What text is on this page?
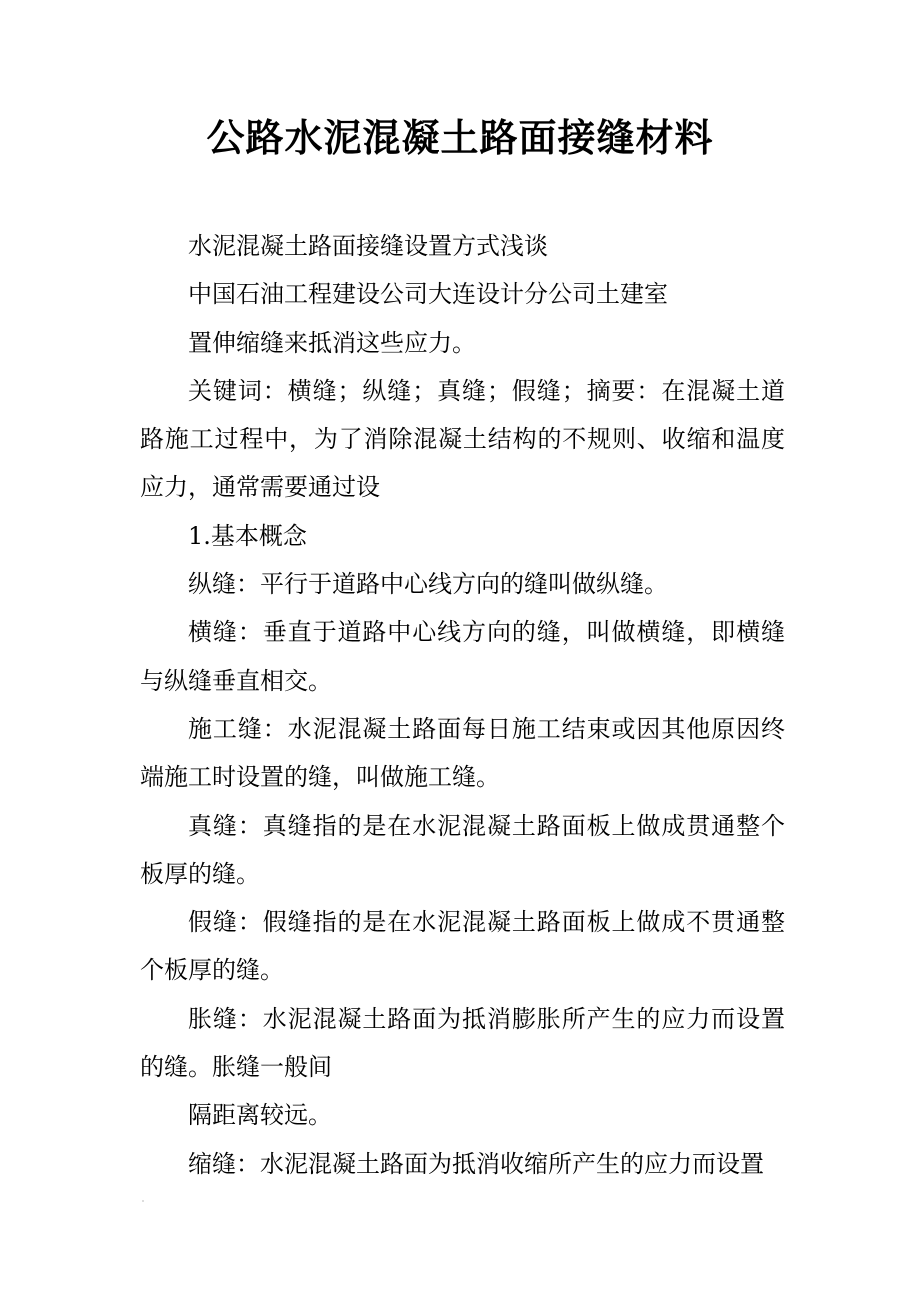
公路水泥混凝土路面接缝材料

水泥混凝土路面接缝设置方式浅谈

中国石油工程建设公司大连设计分公司土建室

置伸缩缝来抵消这些应力。

关键词：横缝；纵缝；真缝；假缝；摘要：在混凝土道路施工过程中，为了消除混凝土结构的不规则、收缩和温度应力，通常需要通过设

1.基本概念

纵缝：平行于道路中心线方向的缝叫做纵缝。

横缝：垂直于道路中心线方向的缝，叫做横缝，即横缝与纵缝垂直相交。

施工缝：水泥混凝土路面每日施工结束或因其他原因终端施工时设置的缝，叫做施工缝。

真缝：真缝指的是在水泥混凝土路面板上做成贯通整个板厚的缝。

假缝：假缝指的是在水泥混凝土路面板上做成不贯通整个板厚的缝。

胀缝：水泥混凝土路面为抵消膨胀所产生的应力而设置的缝。胀缝一般间

隔距离较远。

缩缝：水泥混凝土路面为抵消收缩所产生的应力而设置
